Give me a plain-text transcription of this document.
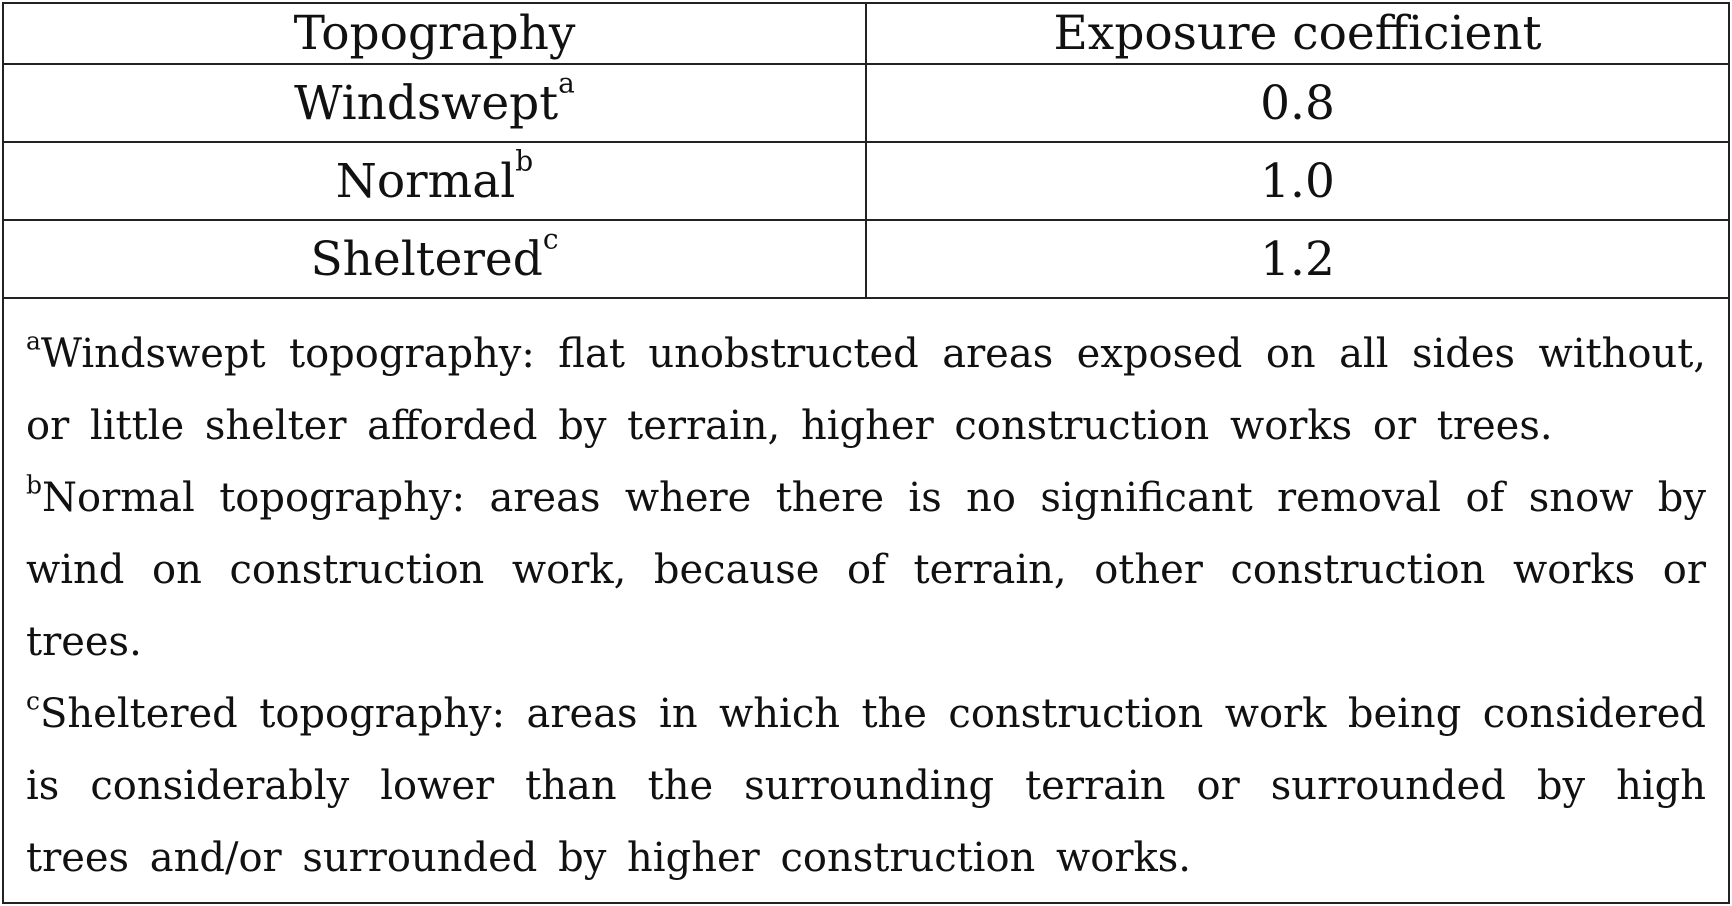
Topography	Exposure coefficient
Windswept$^a$	0.8
Normal$^b$	1.0
Sheltered$^c$	1.2

$^a$Windswept topography: flat unobstructed areas exposed on all sides without, or little shelter afforded by terrain, higher construction works or trees.

$^b$Normal topography: areas where there is no significant removal of snow by wind on construction work, because of terrain, other construction works or trees.

$^c$Sheltered topography: areas in which the construction work being considered is considerably lower than the surrounding terrain or surrounded by high trees and/or surrounded by higher construction works.
